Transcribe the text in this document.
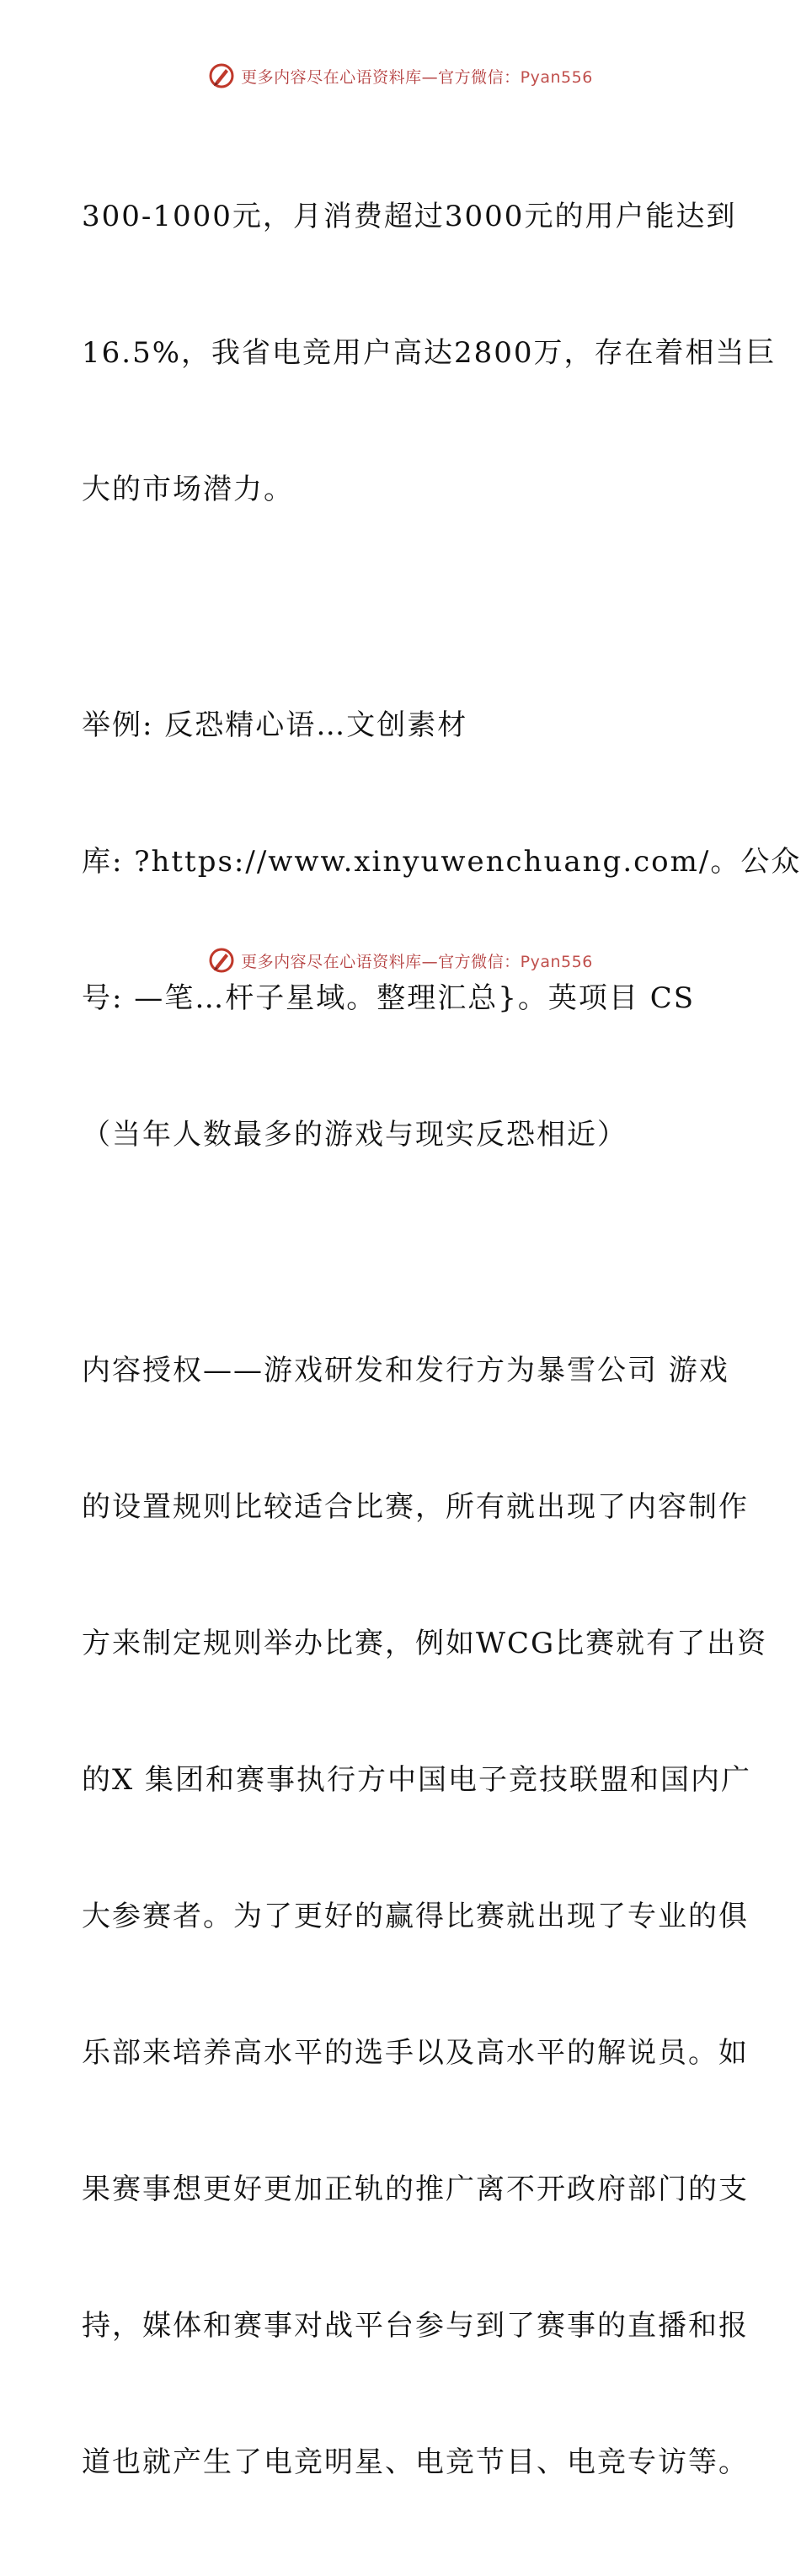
更多内容尽在心语资料库—官方微信：Pyan556

300-1000元，月消费超过3000元的用户能达到

16.5%，我省电竞用户高达2800万，存在着相当巨

大的市场潜力。

举例: 反恐精心语…文创素材

库: ?https://www.xinyuwenchuang.com/。公众

号: —笔…杆子星域。整理汇总}。英项目 CS

（当年人数最多的游戏与现实反恐相近）

内容授权——游戏研发和发行方为暴雪公司 游戏

的设置规则比较适合比赛，所有就出现了内容制作

方来制定规则举办比赛，例如WCG比赛就有了出资

的X 集团和赛事执行方中国电子竞技联盟和国内广

大参赛者。为了更好的赢得比赛就出现了专业的俱

乐部来培养高水平的选手以及高水平的解说员。如

果赛事想更好更加正轨的推广离不开政府部门的支

持，媒体和赛事对战平台参与到了赛事的直播和报

道也就产生了电竞明星、电竞节目、电竞专访等。

更多内容尽在心语资料库—官方微信：Pyan556
